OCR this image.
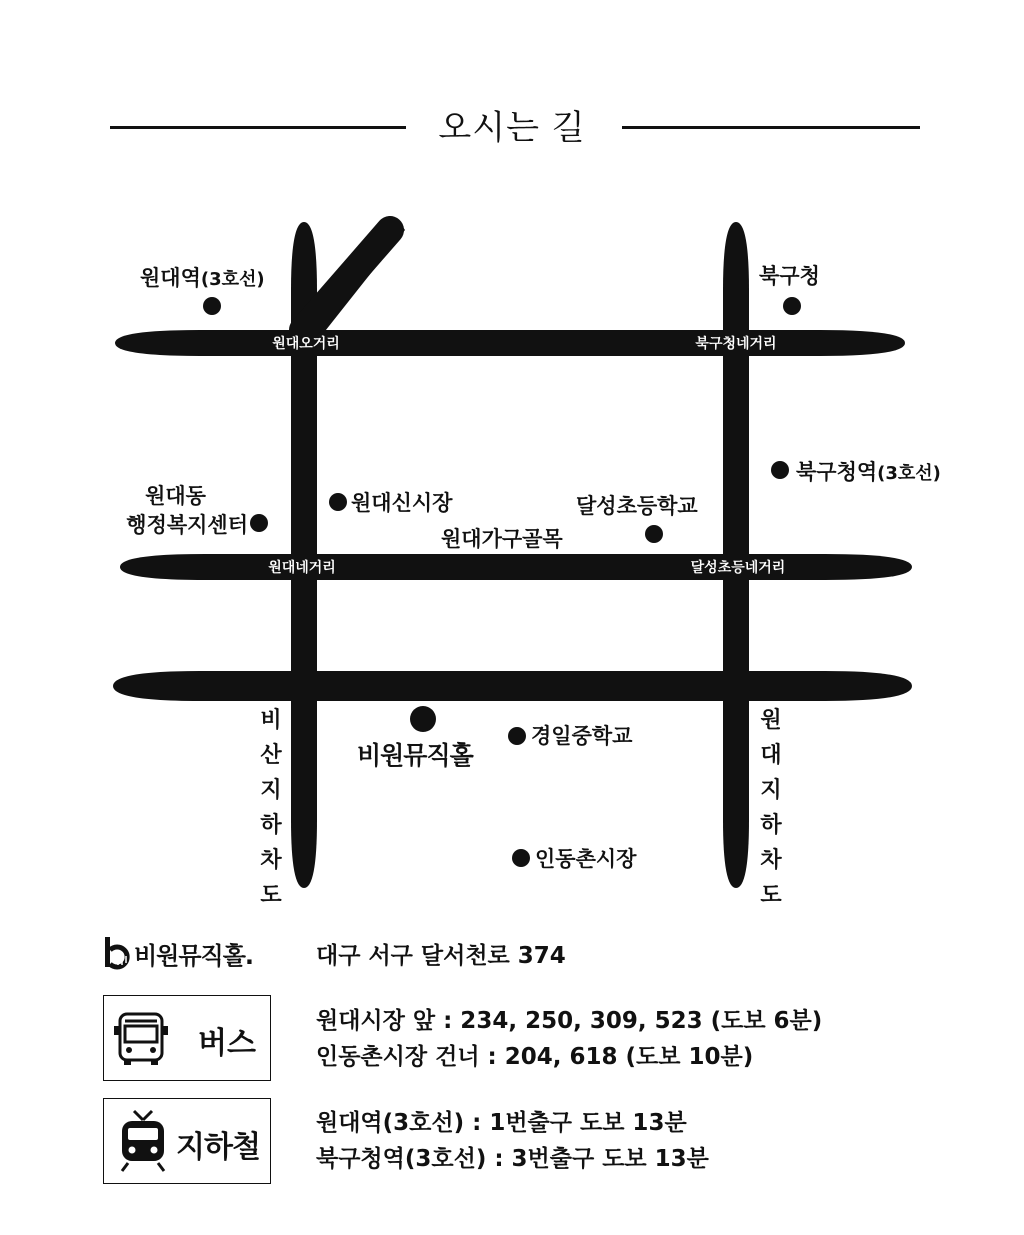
오시는 길
원대오거리	북구청네거리
원대네거리	달성초등네거리
원대역(3호선)	북구청
북구청역(3호선)
원대동
행정복지센터
원대신시장	달성초등학교
원대가구골목
비원뮤직홀
경일중학교
인동촌시장
비산지하차도
원대지하차도
비원뮤직홀.	대구 서구 달서천로 374
버스
원대시장 앞 : 234, 250, 309, 523 (도보 6분)
인동촌시장 건너 : 204, 618 (도보 10분)
지하철
원대역(3호선) : 1번출구 도보 13분
북구청역(3호선) : 3번출구 도보 13분
